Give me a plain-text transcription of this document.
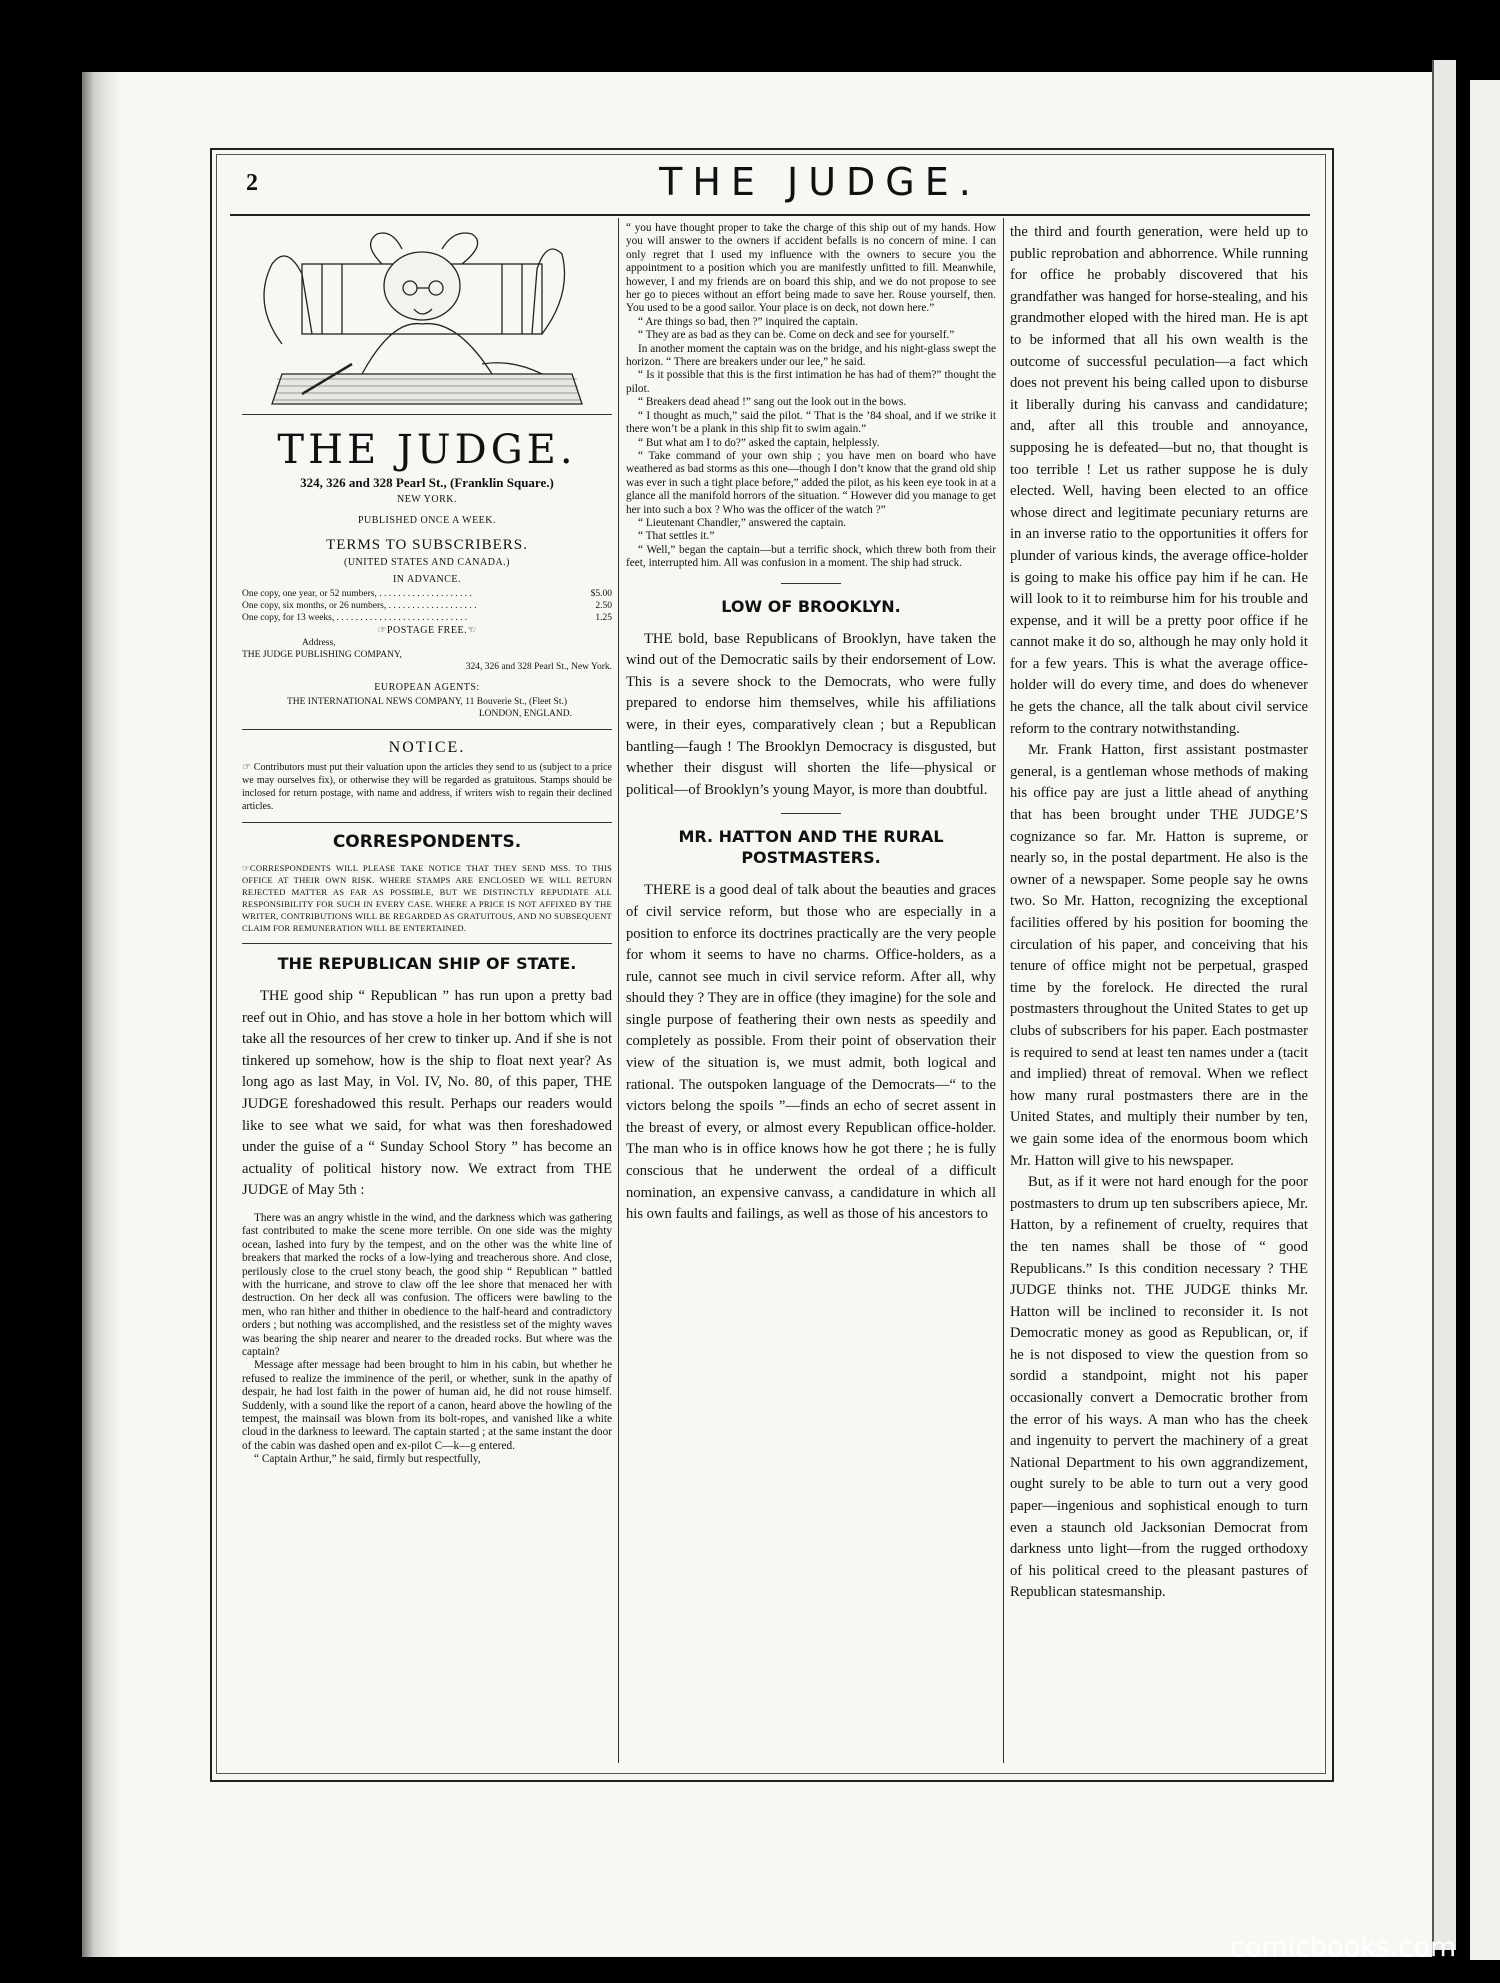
2	THE JUDGE.
THE JUDGE.
324, 326 and 328 Pearl St., (Franklin Square.)
NEW YORK.
PUBLISHED ONCE A WEEK.
TERMS TO SUBSCRIBERS.
(UNITED STATES AND CANADA.)
IN ADVANCE.
One copy, one year, or 52 numbers, . . . . . . . . . . . . . . . . . . . .	$5.00
One copy, six months, or 26 numbers, . . . . . . . . . . . . . . . . . . .	2.50
One copy, for 13 weeks, . . . . . . . . . . . . . . . . . . . . . . . . . . . .	1.25
☞POSTAGE FREE.☜
Address,
THE JUDGE PUBLISHING COMPANY,
324, 326 and 328 Pearl St., New York.
EUROPEAN AGENTS:
THE INTERNATIONAL NEWS COMPANY, 11 Bouverie St., (Fleet St.)
LONDON, ENGLAND.
NOTICE.
☞ Contributors must put their valuation upon the articles they send to us (subject to a price we may ourselves fix), or otherwise they will be regarded as gratuitous. Stamps should be inclosed for return postage, with name and address, if writers wish to regain their declined articles.
CORRESPONDENTS.
☞CORRESPONDENTS WILL PLEASE TAKE NOTICE THAT THEY SEND MSS. TO THIS OFFICE AT THEIR OWN RISK. WHERE STAMPS ARE ENCLOSED WE WILL RETURN REJECTED MATTER AS FAR AS POSSIBLE, BUT WE DISTINCTLY REPUDIATE ALL RESPONSIBILITY FOR SUCH IN EVERY CASE. WHERE A PRICE IS NOT AFFIXED BY THE WRITER, CONTRIBUTIONS WILL BE REGARDED AS GRATUITOUS, AND NO SUBSEQUENT CLAIM FOR REMUNERATION WILL BE ENTERTAINED.
THE REPUBLICAN SHIP OF STATE.

THE good ship “ Republican ” has run upon a pretty bad reef out in Ohio, and has stove a hole in her bottom which will take all the resources of her crew to tinker up. And if she is not tinkered up somehow, how is the ship to float next year? As long ago as last May, in Vol. IV, No. 80, of this paper, THE JUDGE foreshadowed this result. Perhaps our readers would like to see what we said, for what was then foreshadowed under the guise of a “ Sunday School Story ” has become an actuality of political history now. We extract from THE JUDGE of May 5th :

There was an angry whistle in the wind, and the darkness which was gathering fast contributed to make the scene more terrible. On one side was the mighty ocean, lashed into fury by the tempest, and on the other was the white line of breakers that marked the rocks of a low-lying and treacherous shore. And close, perilously close to the cruel stony beach, the good ship “ Republican ” battled with the hurricane, and strove to claw off the lee shore that menaced her with destruction. On her deck all was confusion. The officers were bawling to the men, who ran hither and thither in obedience to the half-heard and contradictory orders ; but nothing was accomplished, and the resistless set of the mighty waves was bearing the ship nearer and nearer to the dreaded rocks. But where was the captain?

Message after message had been brought to him in his cabin, but whether he refused to realize the imminence of the peril, or whether, sunk in the apathy of despair, he had lost faith in the power of human aid, he did not rouse himself. Suddenly, with a sound like the report of a canon, heard above the howling of the tempest, the mainsail was blown from its bolt-ropes, and vanished like a white cloud in the darkness to leeward. The captain started ; at the same instant the door of the cabin was dashed open and ex-pilot C—k—g entered.

“ Captain Arthur,” he said, firmly but respectfully,

“ you have thought proper to take the charge of this ship out of my hands. How you will answer to the owners if accident befalls is no concern of mine. I can only regret that I used my influence with the owners to secure you the appointment to a position which you are manifestly unfitted to fill. Meanwhile, however, I and my friends are on board this ship, and we do not propose to see her go to pieces without an effort being made to save her. Rouse yourself, then. You used to be a good sailor. Your place is on deck, not down here.”

“ Are things so bad, then ?” inquired the captain.

“ They are as bad as they can be. Come on deck and see for yourself.”

In another moment the captain was on the bridge, and his night-glass swept the horizon. “ There are breakers under our lee,” he said.

“ Is it possible that this is the first intimation he has had of them?” thought the pilot.

“ Breakers dead ahead !” sang out the look out in the bows.

“ I thought as much,” said the pilot. “ That is the ’84 shoal, and if we strike it there won’t be a plank in this ship fit to swim again.”

“ But what am I to do?” asked the captain, helplessly.

“ Take command of your own ship ; you have men on board who have weathered as bad storms as this one—though I don’t know that the grand old ship was ever in such a tight place before,” added the pilot, as his keen eye took in at a glance all the manifold horrors of the situation. “ However did you manage to get her into such a box ? Who was the officer of the watch ?”

“ Lieutenant Chandler,” answered the captain.

“ That settles it.”

“ Well,” began the captain—but a terrific shock, which threw both from their feet, interrupted him. All was confusion in a moment. The ship had struck.

LOW OF BROOKLYN.

THE bold, base Republicans of Brooklyn, have taken the wind out of the Democratic sails by their endorsement of Low. This is a severe shock to the Democrats, who were fully prepared to endorse him themselves, while his affiliations were, in their eyes, comparatively clean ; but a Republican bantling—faugh ! The Brooklyn Democracy is disgusted, but whether their disgust will shorten the life—physical or political—of Brooklyn’s young Mayor, is more than doubtful.

MR. HATTON AND THE RURAL POSTMASTERS.

THERE is a good deal of talk about the beauties and graces of civil service reform, but those who are especially in a position to enforce its doctrines practically are the very people for whom it seems to have no charms. Office-holders, as a rule, cannot see much in civil service reform. After all, why should they ? They are in office (they imagine) for the sole and single purpose of feathering their own nests as speedily and completely as possible. From their point of observation their view of the situation is, we must admit, both logical and rational. The outspoken language of the Democrats—“ to the victors belong the spoils ”—finds an echo of secret assent in the breast of every, or almost every Republican office-holder. The man who is in office knows how he got there ; he is fully conscious that he underwent the ordeal of a difficult nomination, an expensive canvass, a candidature in which all his own faults and failings, as well as those of his ancestors to

the third and fourth generation, were held up to public reprobation and abhorrence. While running for office he probably discovered that his grandfather was hanged for horse-stealing, and his grandmother eloped with the hired man. He is apt to be informed that all his own wealth is the outcome of successful peculation—a fact which does not prevent his being called upon to disburse it liberally during his canvass and candidature; and, after all this trouble and annoyance, supposing he is defeated—but no, that thought is too terrible ! Let us rather suppose he is duly elected. Well, having been elected to an office whose direct and legitimate pecuniary returns are in an inverse ratio to the opportunities it offers for plunder of various kinds, the average office-holder is going to make his office pay him if he can. He will look to it to reimburse him for his trouble and expense, and it will be a pretty poor office if he cannot make it do so, although he may only hold it for a few years. This is what the average office-holder will do every time, and does do whenever he gets the chance, all the talk about civil service reform to the contrary notwithstanding.

Mr. Frank Hatton, first assistant postmaster general, is a gentleman whose methods of making his office pay are just a little ahead of anything that has been brought under THE JUDGE’S cognizance so far. Mr. Hatton is supreme, or nearly so, in the postal department. He also is the owner of a newspaper. Some people say he owns two. So Mr. Hatton, recognizing the exceptional facilities offered by his position for booming the circulation of his paper, and conceiving that his tenure of office might not be perpetual, grasped time by the forelock. He directed the rural postmasters throughout the United States to get up clubs of subscribers for his paper. Each postmaster is required to send at least ten names under a (tacit and implied) threat of removal. When we reflect how many rural postmasters there are in the United States, and multiply their number by ten, we gain some idea of the enormous boom which Mr. Hatton will give to his newspaper.

But, as if it were not hard enough for the poor postmasters to drum up ten subscribers apiece, Mr. Hatton, by a refinement of cruelty, requires that the ten names shall be those of “ good Republicans.” Is this condition necessary ? THE JUDGE thinks not. THE JUDGE thinks Mr. Hatton will be inclined to reconsider it. Is not Democratic money as good as Republican, or, if he is not disposed to view the question from so sordid a standpoint, might not his paper occasionally convert a Democratic brother from the error of his ways. A man who has the cheek and ingenuity to pervert the machinery of a great National Department to his own aggrandizement, ought surely to be able to turn out a very good paper—ingenious and sophistical enough to turn even a staunch old Jacksonian Democrat from darkness unto light—from the rugged orthodoxy of his political creed to the pleasant pastures of Republican statesmanship.

comicbooks.com
